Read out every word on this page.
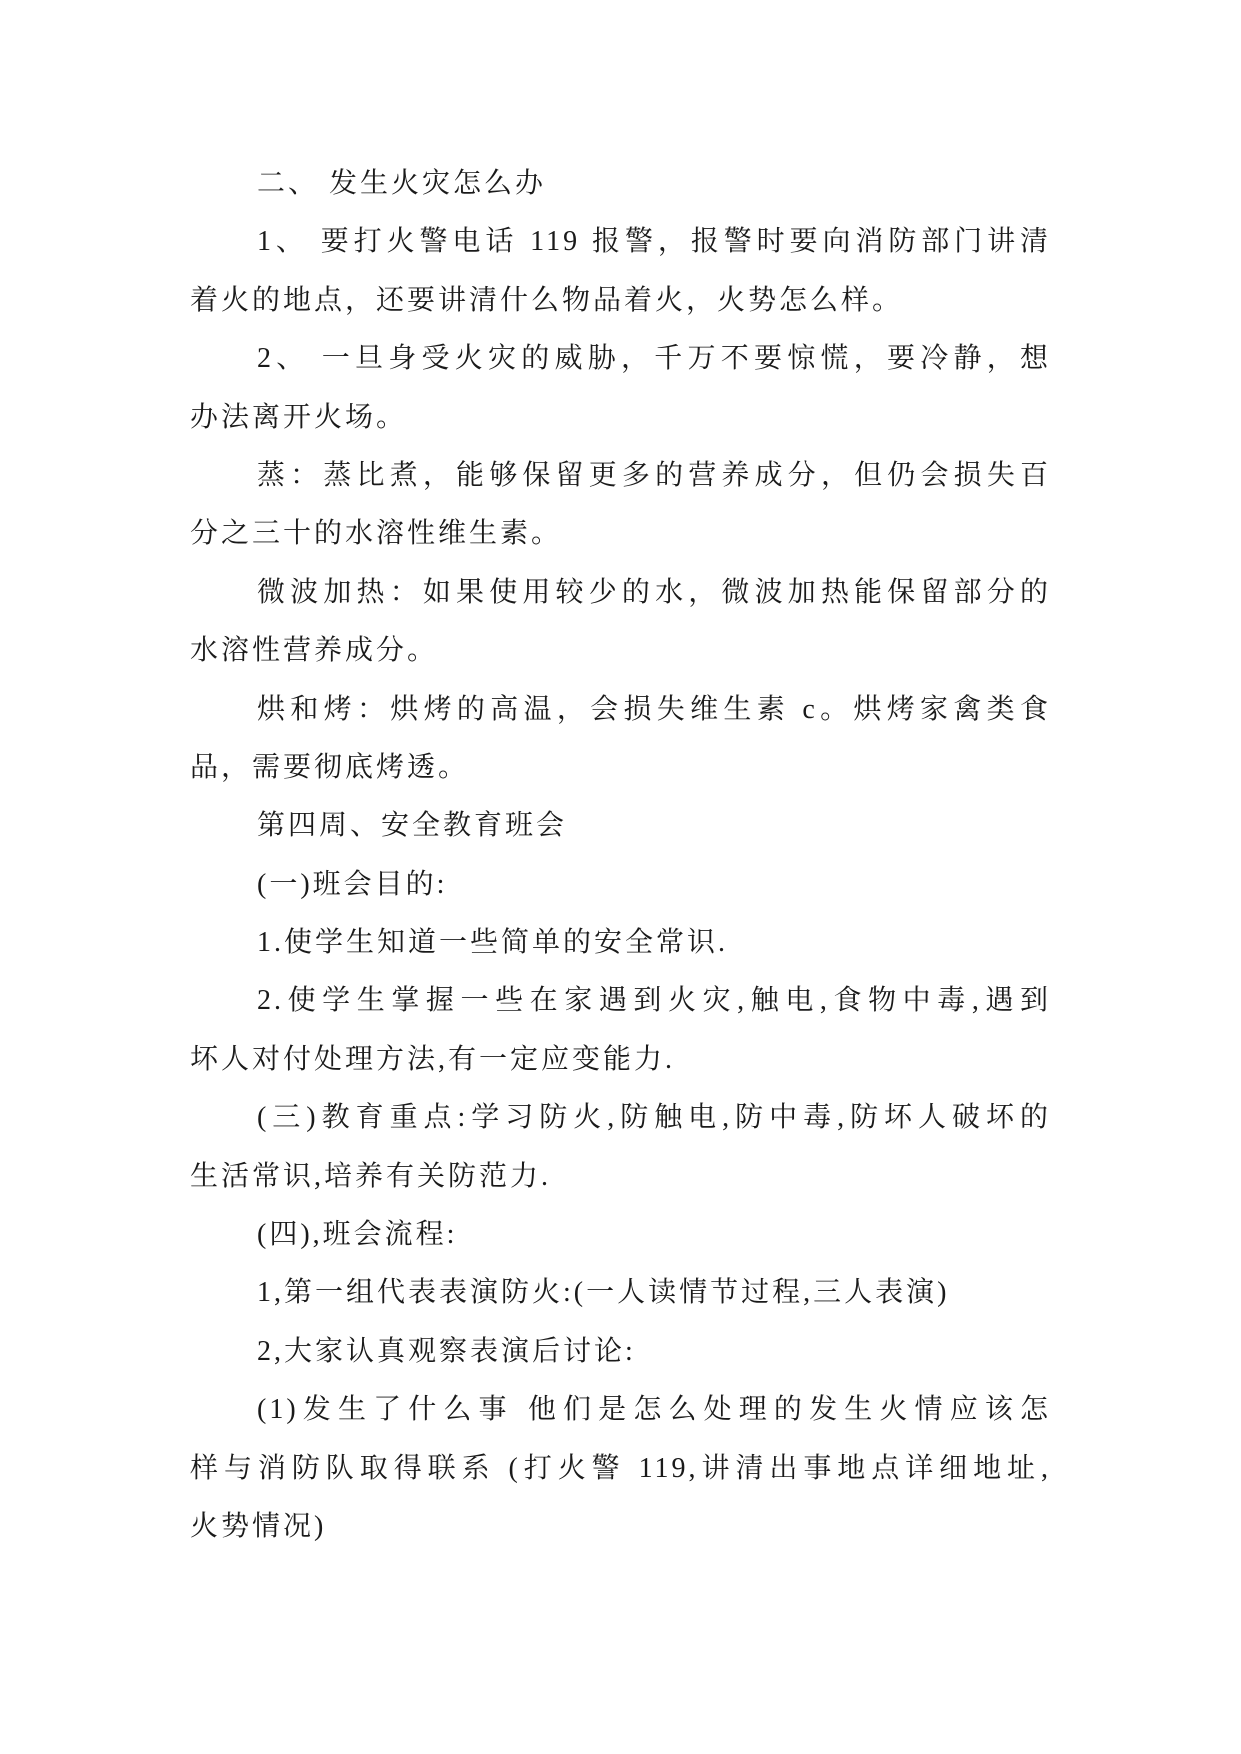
二、 发生火灾怎么办
1、 要打火警电话 119 报警，报警时要向消防部门讲清
着火的地点，还要讲清什么物品着火，火势怎么样。
2、 一旦身受火灾的威胁，千万不要惊慌，要冷静，想
办法离开火场。
蒸：蒸比煮，能够保留更多的营养成分，但仍会损失百
分之三十的水溶性维生素。
微波加热：如果使用较少的水，微波加热能保留部分的
水溶性营养成分。
烘和烤：烘烤的高温，会损失维生素 c。烘烤家禽类食
品，需要彻底烤透。
第四周、安全教育班会
(一)班会目的:
1.使学生知道一些简单的安全常识.
2.使学生掌握一些在家遇到火灾,触电,食物中毒,遇到
坏人对付处理方法,有一定应变能力.
(三)教育重点:学习防火,防触电,防中毒,防坏人破坏的
生活常识,培养有关防范力.
(四),班会流程:
1,第一组代表表演防火:(一人读情节过程,三人表演)
2,大家认真观察表演后讨论:
(1)发生了什么事 他们是怎么处理的发生火情应该怎
样与消防队取得联系 (打火警 119,讲清出事地点详细地址,
火势情况)
